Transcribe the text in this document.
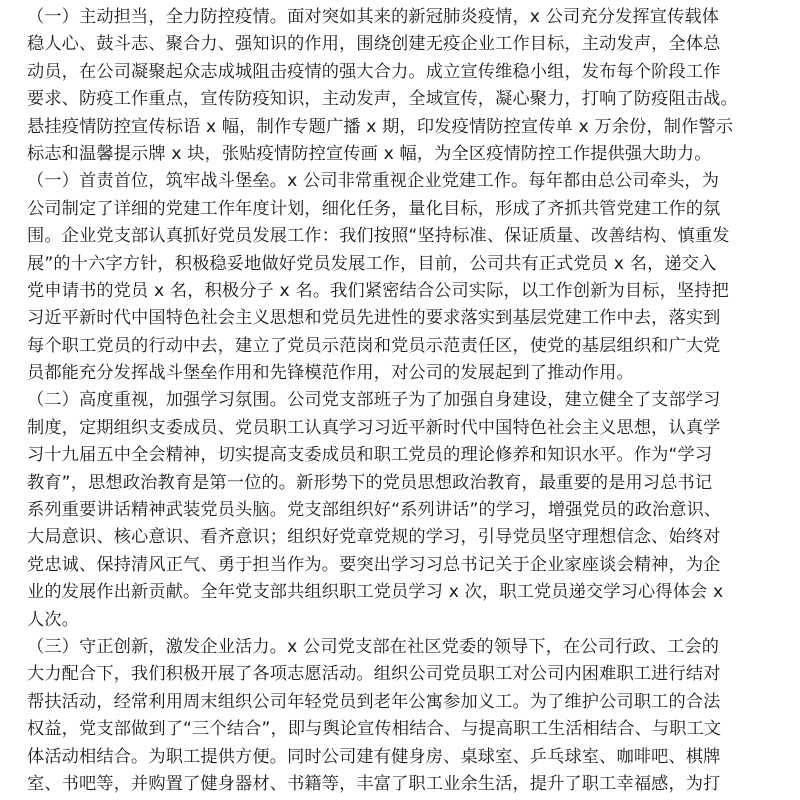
（一）主动担当，全力防控疫情。面对突如其来的新冠肺炎疫情，x 公司充分发挥宣传载体
稳人心、鼓斗志、聚合力、强知识的作用，围绕创建无疫企业工作目标，主动发声，全体总
动员，在公司凝聚起众志成城阻击疫情的强大合力。成立宣传维稳小组，发布每个阶段工作
要求、防疫工作重点，宣传防疫知识，主动发声，全域宣传，凝心聚力，打响了防疫阻击战。
悬挂疫情防控宣传标语 x 幅，制作专题广播 x 期，印发疫情防控宣传单 x 万余份，制作警示
标志和温馨提示牌 x 块，张贴疫情防控宣传画 x 幅，为全区疫情防控工作提供强大助力。
（一）首责首位，筑牢战斗堡垒。x 公司非常重视企业党建工作。每年都由总公司牵头，为
公司制定了详细的党建工作年度计划，细化任务，量化目标，形成了齐抓共管党建工作的氛
围。企业党支部认真抓好党员发展工作：我们按照“坚持标准、保证质量、改善结构、慎重发
展”的十六字方针，积极稳妥地做好党员发展工作，目前，公司共有正式党员 x 名，递交入
党申请书的党员 x 名，积极分子 x 名。我们紧密结合公司实际，以工作创新为目标，坚持把
习近平新时代中国特色社会主义思想和党员先进性的要求落实到基层党建工作中去，落实到
每个职工党员的行动中去，建立了党员示范岗和党员示范责任区，使党的基层组织和广大党
员都能充分发挥战斗堡垒作用和先锋模范作用，对公司的发展起到了推动作用。
（二）高度重视，加强学习氛围。公司党支部班子为了加强自身建设，建立健全了支部学习
制度，定期组织支委成员、党员职工认真学习习近平新时代中国特色社会主义思想，认真学
习十九届五中全会精神，切实提高支委成员和职工党员的理论修养和知识水平。作为“学习
教育”，思想政治教育是第一位的。新形势下的党员思想政治教育，最重要的是用习总书记
系列重要讲话精神武装党员头脑。党支部组织好“系列讲话”的学习，增强党员的政治意识、
大局意识、核心意识、看齐意识；组织好党章党规的学习，引导党员坚守理想信念、始终对
党忠诚、保持清风正气、勇于担当作为。要突出学习习总书记关于企业家座谈会精神，为企
业的发展作出新贡献。全年党支部共组织职工党员学习 x 次，职工党员递交学习心得体会 x
人次。
（三）守正创新，激发企业活力。x 公司党支部在社区党委的领导下，在公司行政、工会的
大力配合下，我们积极开展了各项志愿活动。组织公司党员职工对公司内困难职工进行结对
帮扶活动，经常利用周末组织公司年轻党员到老年公寓参加义工。为了维护公司职工的合法
权益，党支部做到了“三个结合”，即与舆论宣传相结合、与提高职工生活相结合、与职工文
体活动相结合。为职工提供方便。同时公司建有健身房、桌球室、乒乓球室、咖啡吧、棋牌
室、书吧等，并购置了健身器材、书籍等，丰富了职工业余生活，提升了职工幸福感，为打
